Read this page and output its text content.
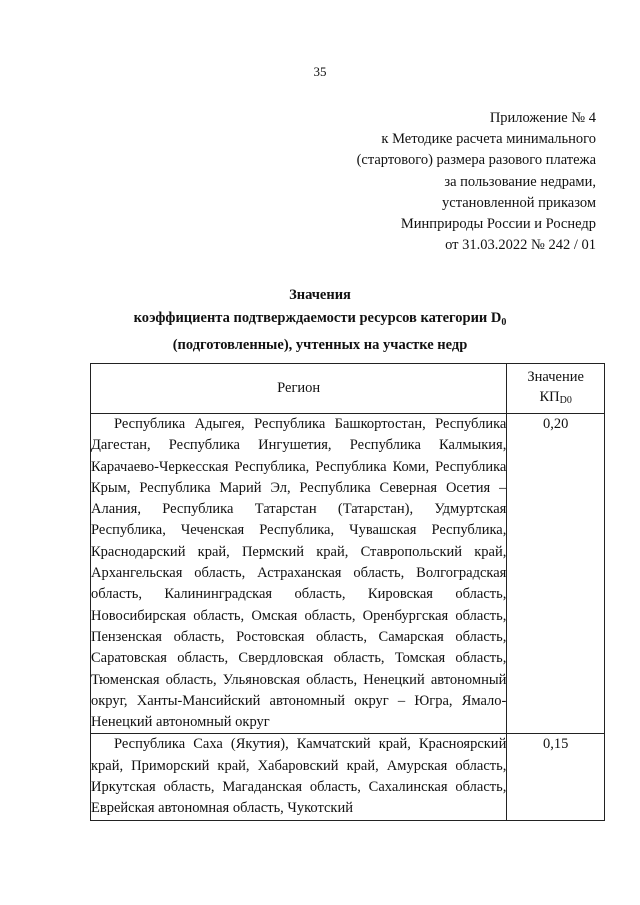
35
Приложение № 4
к Методике расчета минимального
(стартового) размера разового платежа
за пользование недрами,
установленной приказом
Минприроды России и Роснедр
от 31.03.2022 № 242 / 01
Значения
коэффициента подтверждаемости ресурсов категории $D_0$
(подготовленные), учтенных на участке недр
Регион	Значение
$КП_{D0}$

Республика Адыгея, Республика Башкортостан, Республика Дагестан, Республика Ингушетия, Республика Калмыкия, Карачаево-Черкесская Республика, Республика Коми, Республика Крым, Республика Марий Эл, Республика Северная Осетия – Алания, Республика Татарстан (Татарстан), Удмуртская Республика, Чеченская Республика, Чувашская Республика, Краснодарский край, Пермский край, Ставропольский край, Архангельская область, Астраханская область, Волгоградская область, Калининградская область, Кировская область, Новосибирская область, Омская область, Оренбургская область, Пензенская область, Ростовская область, Самарская область, Саратовская область, Свердловская область, Томская область, Тюменская область, Ульяновская область, Ненецкий автономный округ, Ханты-Мансийский автономный округ – Югра, Ямало-Ненецкий автономный округ	0,20
Республика Саха (Якутия), Камчатский край, Красноярский край, Приморский край, Хабаровский край, Амурская область, Иркутская область, Магаданская область, Сахалинская область, Еврейская автономная область, Чукотский	0,15
